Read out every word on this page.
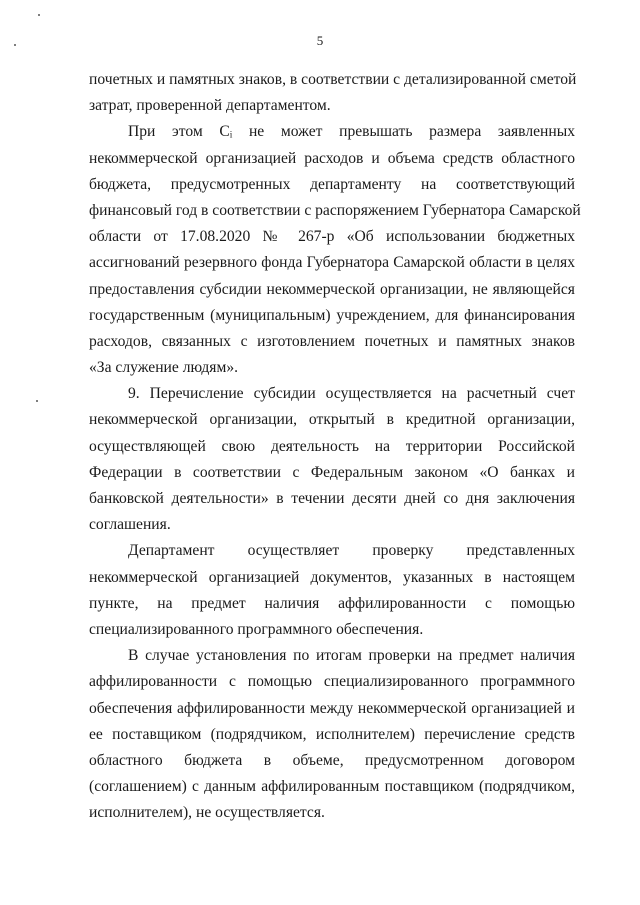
5

почетных и памятных знаков, в соответствии с детализированной сметой
затрат, проверенной департаментом.

При этом Cᵢ не может превышать размера заявленных
некоммерческой организацией расходов и объема средств областного
бюджета, предусмотренных департаменту на соответствующий
финансовый год в соответствии с распоряжением Губернатора Самарской
области от 17.08.2020 № 267-р «Об использовании бюджетных
ассигнований резервного фонда Губернатора Самарской области в целях
предоставления субсидии некоммерческой организации, не являющейся
государственным (муниципальным) учреждением, для финансирования
расходов, связанных с изготовлением почетных и памятных знаков
«За служение людям».

9. Перечисление субсидии осуществляется на расчетный счет
некоммерческой организации, открытый в кредитной организации,
осуществляющей свою деятельность на территории Российской
Федерации в соответствии с Федеральным законом «О банках и
банковской деятельности» в течении десяти дней со дня заключения
соглашения.

Департамент осуществляет проверку представленных
некоммерческой организацией документов, указанных в настоящем
пункте, на предмет наличия аффилированности с помощью
специализированного программного обеспечения.

В случае установления по итогам проверки на предмет наличия
аффилированности с помощью специализированного программного
обеспечения аффилированности между некоммерческой организацией и
ее поставщиком (подрядчиком, исполнителем) перечисление средств
областного бюджета в объеме, предусмотренном договором
(соглашением) с данным аффилированным поставщиком (подрядчиком,
исполнителем), не осуществляется.
